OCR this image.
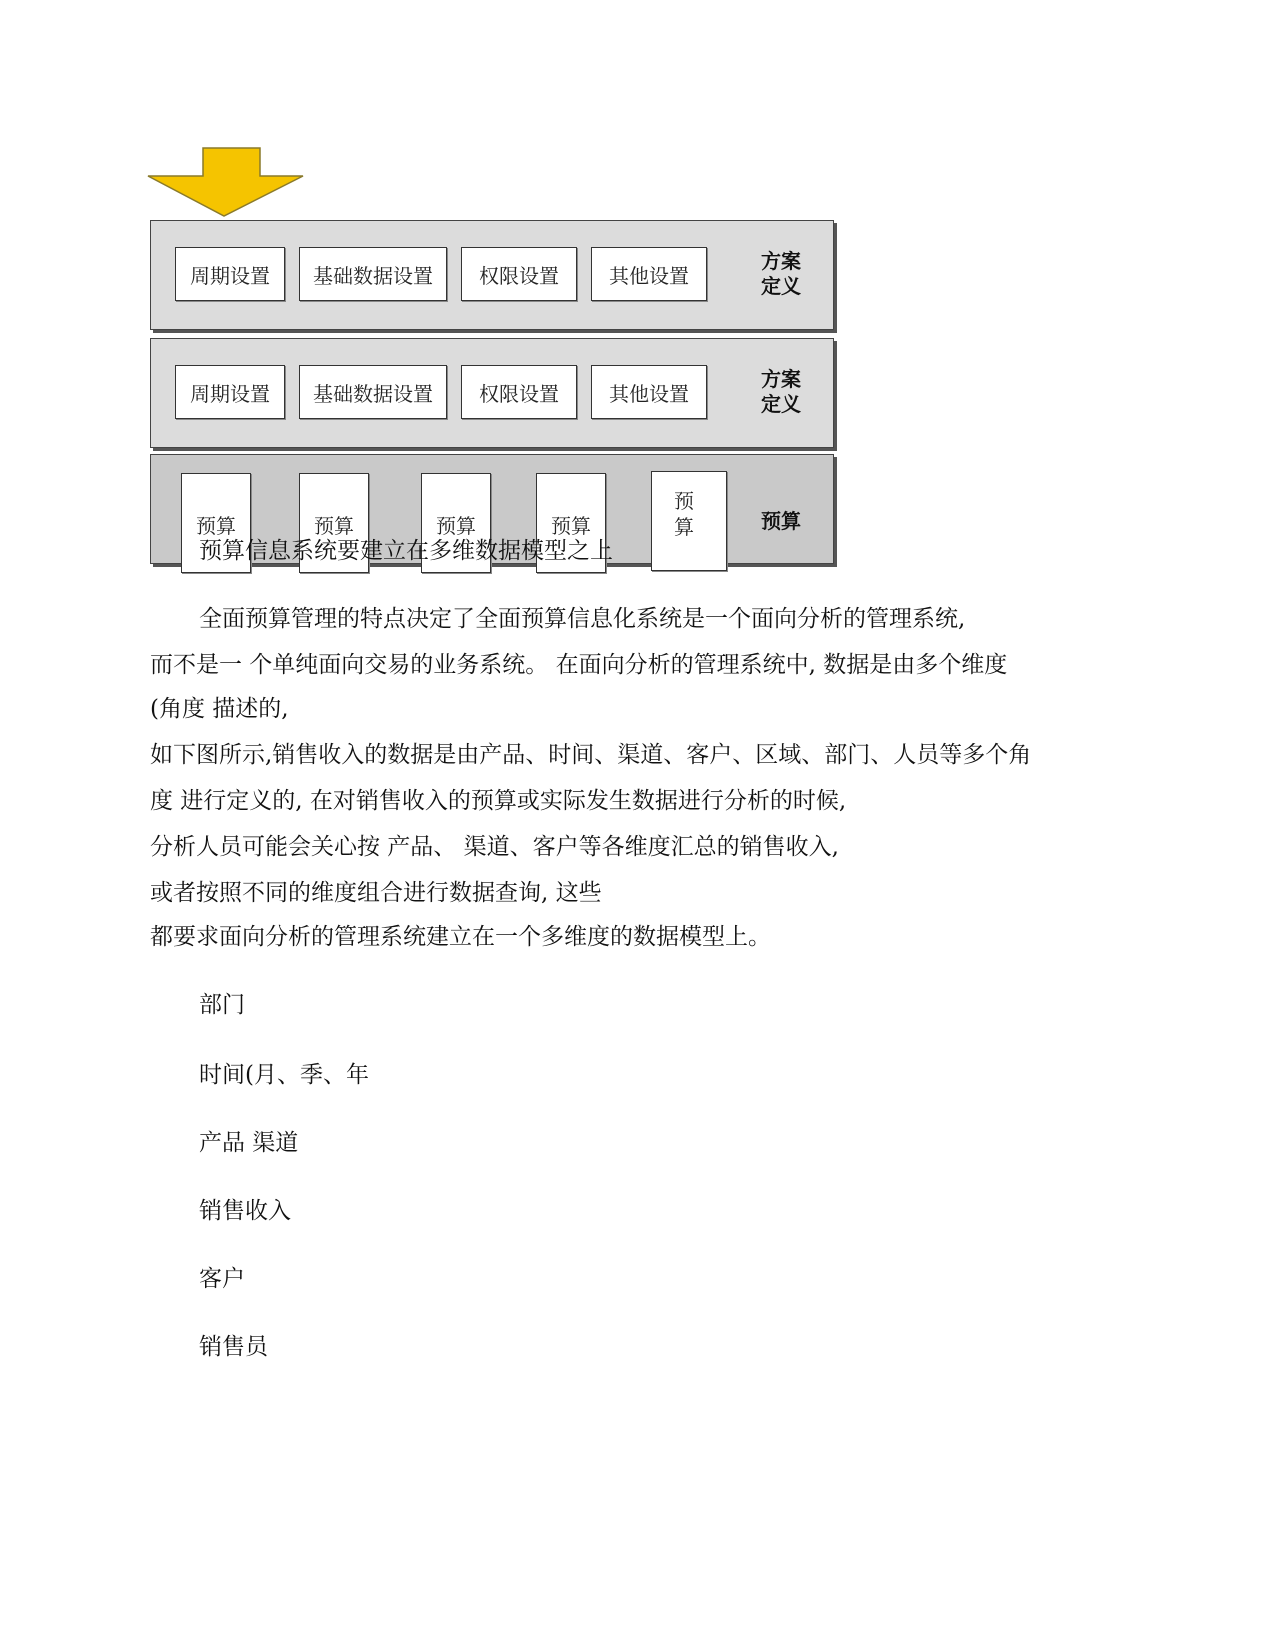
周期设置	基础数据设置	权限设置	其他设置
方案
定义
周期设置	基础数据设置	权限设置	其他设置
方案
定义
预算	预算	预算	预算
预 算	预算
预算信息系统要建立在多维数据模型之上
全面预算管理的特点决定了全面预算信息化系统是一个面向分析的管理系统,
而不是一 个单纯面向交易的业务系统。 在面向分析的管理系统中, 数据是由多个维度
(角度 描述的,
如下图所示,销售收入的数据是由产品、时间、渠道、客户、区域、部门、人员等多个角
度 进行定义的, 在对销售收入的预算或实际发生数据进行分析的时候,
分析人员可能会关心按 产品、 渠道、客户等各维度汇总的销售收入,
或者按照不同的维度组合进行数据查询, 这些
都要求面向分析的管理系统建立在一个多维度的数据模型上。
部门
时间(月、季、年
产品 渠道
销售收入
客户
销售员
